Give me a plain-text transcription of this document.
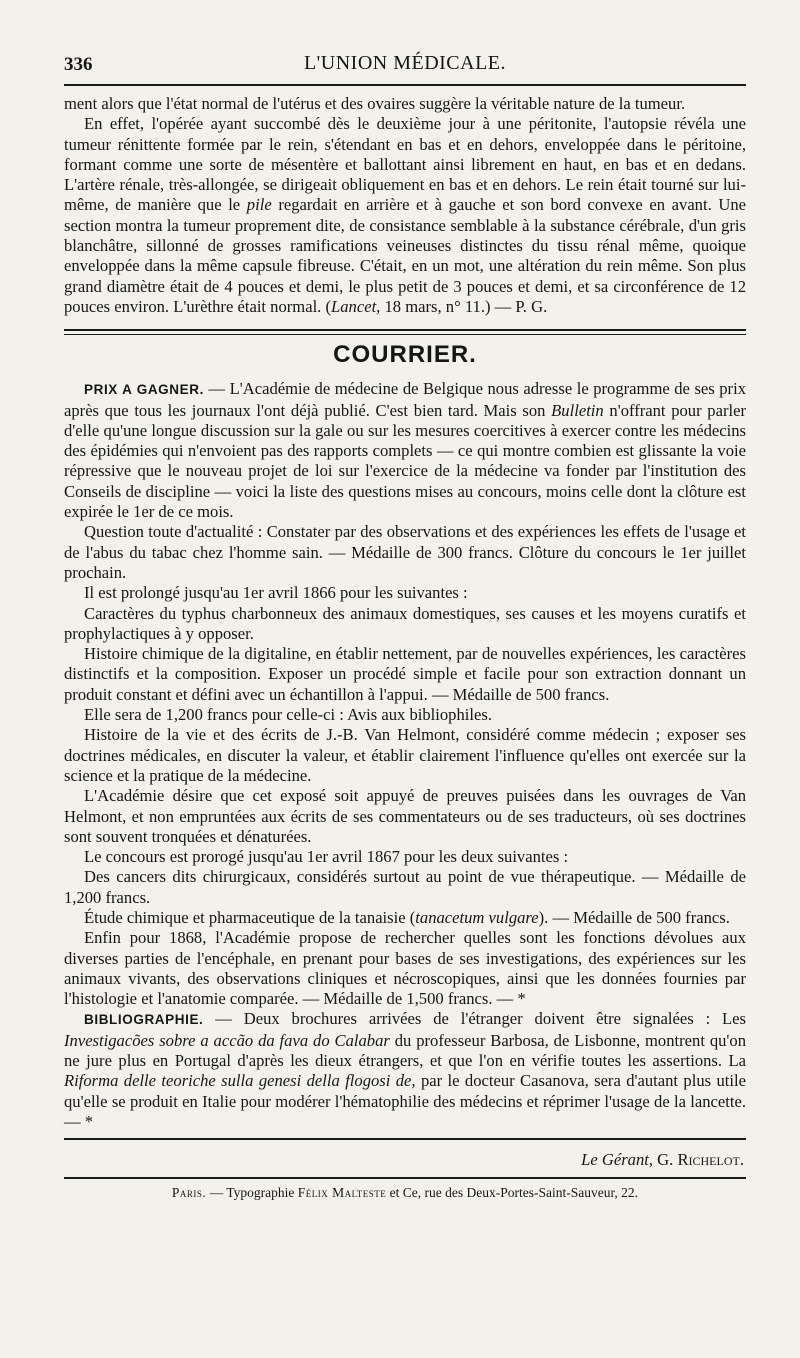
336	L'UNION MÉDICALE.

ment alors que l'état normal de l'utérus et des ovaires suggère la véritable nature de la tumeur.

En effet, l'opérée ayant succombé dès le deuxième jour à une péritonite, l'autopsie révéla une tumeur rénittente formée par le rein, s'étendant en bas et en dehors, enveloppée dans le péritoine, formant comme une sorte de mésentère et ballottant ainsi librement en haut, en bas et en dedans. L'artère rénale, très-allongée, se dirigeait obliquement en bas et en dehors. Le rein était tourné sur lui-même, de manière que le pile regardait en arrière et à gauche et son bord convexe en avant. Une section montra la tumeur proprement dite, de consistance semblable à la substance cérébrale, d'un gris blanchâtre, sillonné de grosses ramifications veineuses distinctes du tissu rénal même, quoique enveloppée dans la même capsule fibreuse. C'était, en un mot, une altération du rein même. Son plus grand diamètre était de 4 pouces et demi, le plus petit de 3 pouces et demi, et sa circonférence de 12 pouces environ. L'urèthre était normal. (Lancet, 18 mars, n° 11.) — P. G.

COURRIER.

PRIX A GAGNER. — L'Académie de médecine de Belgique nous adresse le programme de ses prix après que tous les journaux l'ont déjà publié. C'est bien tard. Mais son Bulletin n'offrant pour parler d'elle qu'une longue discussion sur la gale ou sur les mesures coercitives à exercer contre les médecins des épidémies qui n'envoient pas des rapports complets — ce qui montre combien est glissante la voie répressive que le nouveau projet de loi sur l'exercice de la médecine va fonder par l'institution des Conseils de discipline — voici la liste des questions mises au concours, moins celle dont la clôture est expirée le 1er de ce mois.

Question toute d'actualité : Constater par des observations et des expériences les effets de l'usage et de l'abus du tabac chez l'homme sain. — Médaille de 300 francs. Clôture du concours le 1er juillet prochain.

Il est prolongé jusqu'au 1er avril 1866 pour les suivantes :

Caractères du typhus charbonneux des animaux domestiques, ses causes et les moyens curatifs et prophylactiques à y opposer.

Histoire chimique de la digitaline, en établir nettement, par de nouvelles expériences, les caractères distinctifs et la composition. Exposer un procédé simple et facile pour son extraction donnant un produit constant et défini avec un échantillon à l'appui. — Médaille de 500 francs.

Elle sera de 1,200 francs pour celle-ci : Avis aux bibliophiles.

Histoire de la vie et des écrits de J.-B. Van Helmont, considéré comme médecin ; exposer ses doctrines médicales, en discuter la valeur, et établir clairement l'influence qu'elles ont exercée sur la science et la pratique de la médecine.

L'Académie désire que cet exposé soit appuyé de preuves puisées dans les ouvrages de Van Helmont, et non empruntées aux écrits de ses commentateurs ou de ses traducteurs, où ses doctrines sont souvent tronquées et dénaturées.

Le concours est prorogé jusqu'au 1er avril 1867 pour les deux suivantes :

Des cancers dits chirurgicaux, considérés surtout au point de vue thérapeutique. — Médaille de 1,200 francs.

Étude chimique et pharmaceutique de la tanaisie (tanacetum vulgare). — Médaille de 500 francs.

Enfin pour 1868, l'Académie propose de rechercher quelles sont les fonctions dévolues aux diverses parties de l'encéphale, en prenant pour bases de ses investigations, des expériences sur les animaux vivants, des observations cliniques et nécroscopiques, ainsi que les données fournies par l'histologie et l'anatomie comparée. — Médaille de 1,500 francs. — *

BIBLIOGRAPHIE. — Deux brochures arrivées de l'étranger doivent être signalées : Les Investigacões sobre a accão da fava do Calabar du professeur Barbosa, de Lisbonne, montrent qu'on ne jure plus en Portugal d'après les dieux étrangers, et que l'on en vérifie toutes les assertions. La Riforma delle teoriche sulla genesi della flogosi de, par le docteur Casanova, sera d'autant plus utile qu'elle se produit en Italie pour modérer l'hématophilie des médecins et réprimer l'usage de la lancette. — *

Le Gérant, G. Richelot.

Paris. — Typographie Félix Malteste et Ce, rue des Deux-Portes-Saint-Sauveur, 22.
